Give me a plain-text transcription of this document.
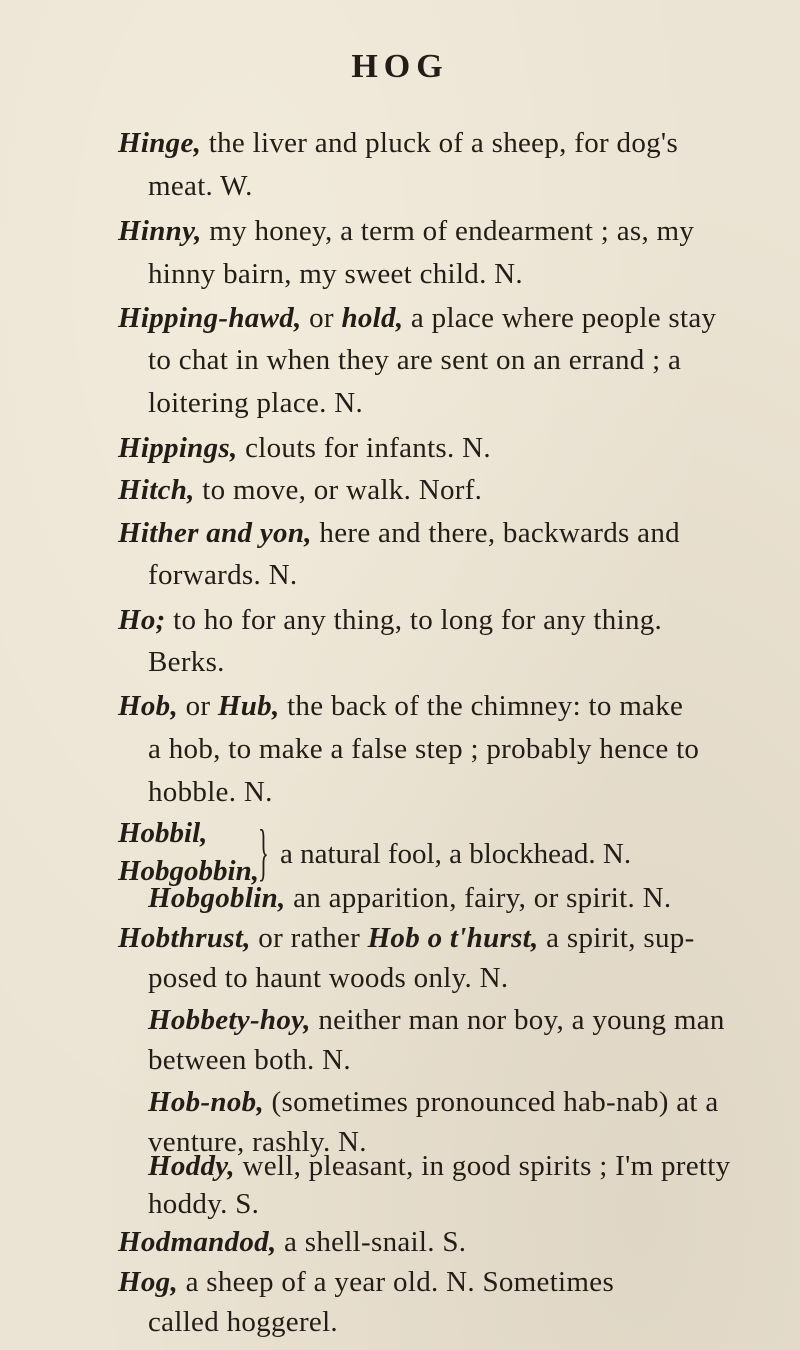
HOG
Hinge, the liver and pluck of a sheep, for dog's
meat. W.
Hinny, my honey, a term of endearment ; as, my
hinny bairn, my sweet child. N.
Hipping-hawd, or hold, a place where people stay
to chat in when they are sent on an errand ; a
loitering place. N.
Hippings, clouts for infants. N.
Hitch, to move, or walk. Norf.
Hither and yon, here and there, backwards and
forwards. N.
Ho; to ho for any thing, to long for any thing.
Berks.
Hob, or Hub, the back of the chimney: to make
a hob, to make a false step ; probably hence to
hobble. N.
Hobbil,
Hobgobbin, } a natural fool, a blockhead. N.
Hobgoblin, an apparition, fairy, or spirit. N.
Hobthrust, or rather Hob o t'hurst, a spirit, sup-
posed to haunt woods only. N.
Hobbety-hoy, neither man nor boy, a young man
between both. N.
Hob-nob, (sometimes pronounced hab-nab) at a
venture, rashly. N.
Hoddy, well, pleasant, in good spirits ; I'm pretty
hoddy. S.
Hodmandod, a shell-snail. S.
Hog, a sheep of a year old. N. Sometimes
called hoggerel.
